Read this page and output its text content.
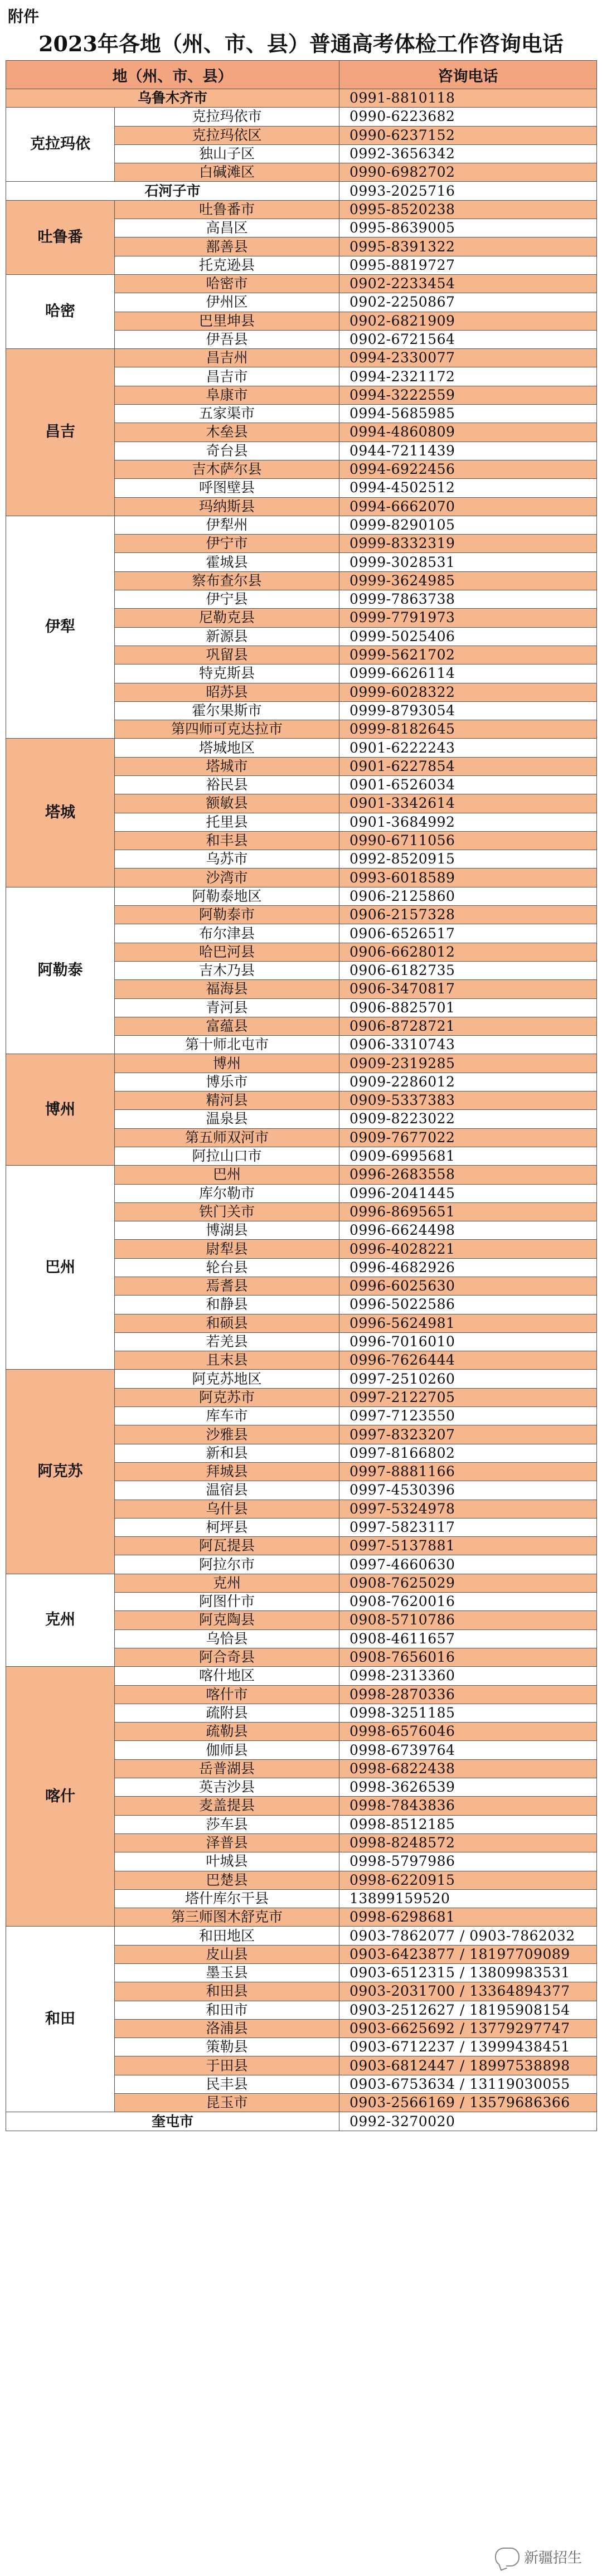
附件
2023年各地（州、市、县）普通高考体检工作咨询电话
地（州、市、县）		咨询电话
乌鲁木齐市		0991-8810118
克拉玛依	克拉玛依市	0990-6223682
	克拉玛依区	0990-6237152
	独山子区	0992-3656342
	白碱滩区	0990-6982702
石河子市		0993-2025716
吐鲁番	吐鲁番市	0995-8520238
	高昌区	0995-8639005
	鄯善县	0995-8391322
	托克逊县	0995-8819727
哈密	哈密市	0902-2233454
	伊州区	0902-2250867
	巴里坤县	0902-6821909
	伊吾县	0902-6721564
昌吉	昌吉州	0994-2330077
	昌吉市	0994-2321172
	阜康市	0994-3222559
	五家渠市	0994-5685985
	木垒县	0994-4860809
	奇台县	0944-7211439
	吉木萨尔县	0994-6922456
	呼图壁县	0994-4502512
	玛纳斯县	0994-6662070
伊犁	伊犁州	0999-8290105
	伊宁市	0999-8332319
	霍城县	0999-3028531
	察布查尔县	0999-3624985
	伊宁县	0999-7863738
	尼勒克县	0999-7791973
	新源县	0999-5025406
	巩留县	0999-5621702
	特克斯县	0999-6626114
	昭苏县	0999-6028322
	霍尔果斯市	0999-8793054
	第四师可克达拉市	0999-8182645
塔城	塔城地区	0901-6222243
	塔城市	0901-6227854
	裕民县	0901-6526034
	额敏县	0901-3342614
	托里县	0901-3684992
	和丰县	0990-6711056
	乌苏市	0992-8520915
	沙湾市	0993-6018589
阿勒泰	阿勒泰地区	0906-2125860
	阿勒泰市	0906-2157328
	布尔津县	0906-6526517
	哈巴河县	0906-6628012
	吉木乃县	0906-6182735
	福海县	0906-3470817
	青河县	0906-8825701
	富蕴县	0906-8728721
	第十师北屯市	0906-3310743
博州	博州	0909-2319285
	博乐市	0909-2286012
	精河县	0909-5337383
	温泉县	0909-8223022
	第五师双河市	0909-7677022
	阿拉山口市	0909-6995681
巴州	巴州	0996-2683558
	库尔勒市	0996-2041445
	铁门关市	0996-8695651
	博湖县	0996-6624498
	尉犁县	0996-4028221
	轮台县	0996-4682926
	焉耆县	0996-6025630
	和静县	0996-5022586
	和硕县	0996-5624981
	若羌县	0996-7016010
	且末县	0996-7626444
阿克苏	阿克苏地区	0997-2510260
	阿克苏市	0997-2122705
	库车市	0997-7123550
	沙雅县	0997-8323207
	新和县	0997-8166802
	拜城县	0997-8881166
	温宿县	0997-4530396
	乌什县	0997-5324978
	柯坪县	0997-5823117
	阿瓦提县	0997-5137881
	阿拉尔市	0997-4660630
克州	克州	0908-7625029
	阿图什市	0908-7620016
	阿克陶县	0908-5710786
	乌恰县	0908-4611657
	阿合奇县	0908-7656016
喀什	喀什地区	0998-2313360
	喀什市	0998-2870336
	疏附县	0998-3251185
	疏勒县	0998-6576046
	伽师县	0998-6739764
	岳普湖县	0998-6822438
	英吉沙县	0998-3626539
	麦盖提县	0998-7843836
	莎车县	0998-8512185
	泽普县	0998-8248572
	叶城县	0998-5797986
	巴楚县	0998-6220915
	塔什库尔干县	13899159520
	第三师图木舒克市	0998-6298681
和田	和田地区	0903-7862077 / 0903-7862032
	皮山县	0903-6423877 / 18197709089
	墨玉县	0903-6512315 / 13809983531
	和田县	0903-2031700 / 13364894377
	和田市	0903-2512627 / 18195908154
	洛浦县	0903-6625692 / 13779297747
	策勒县	0903-6712237 / 13999438451
	于田县	0903-6812447 / 18997538898
	民丰县	0903-6753634 / 13119030055
	昆玉市	0903-2566169 / 13579686366
奎屯市		0992-3270020
新疆招生
